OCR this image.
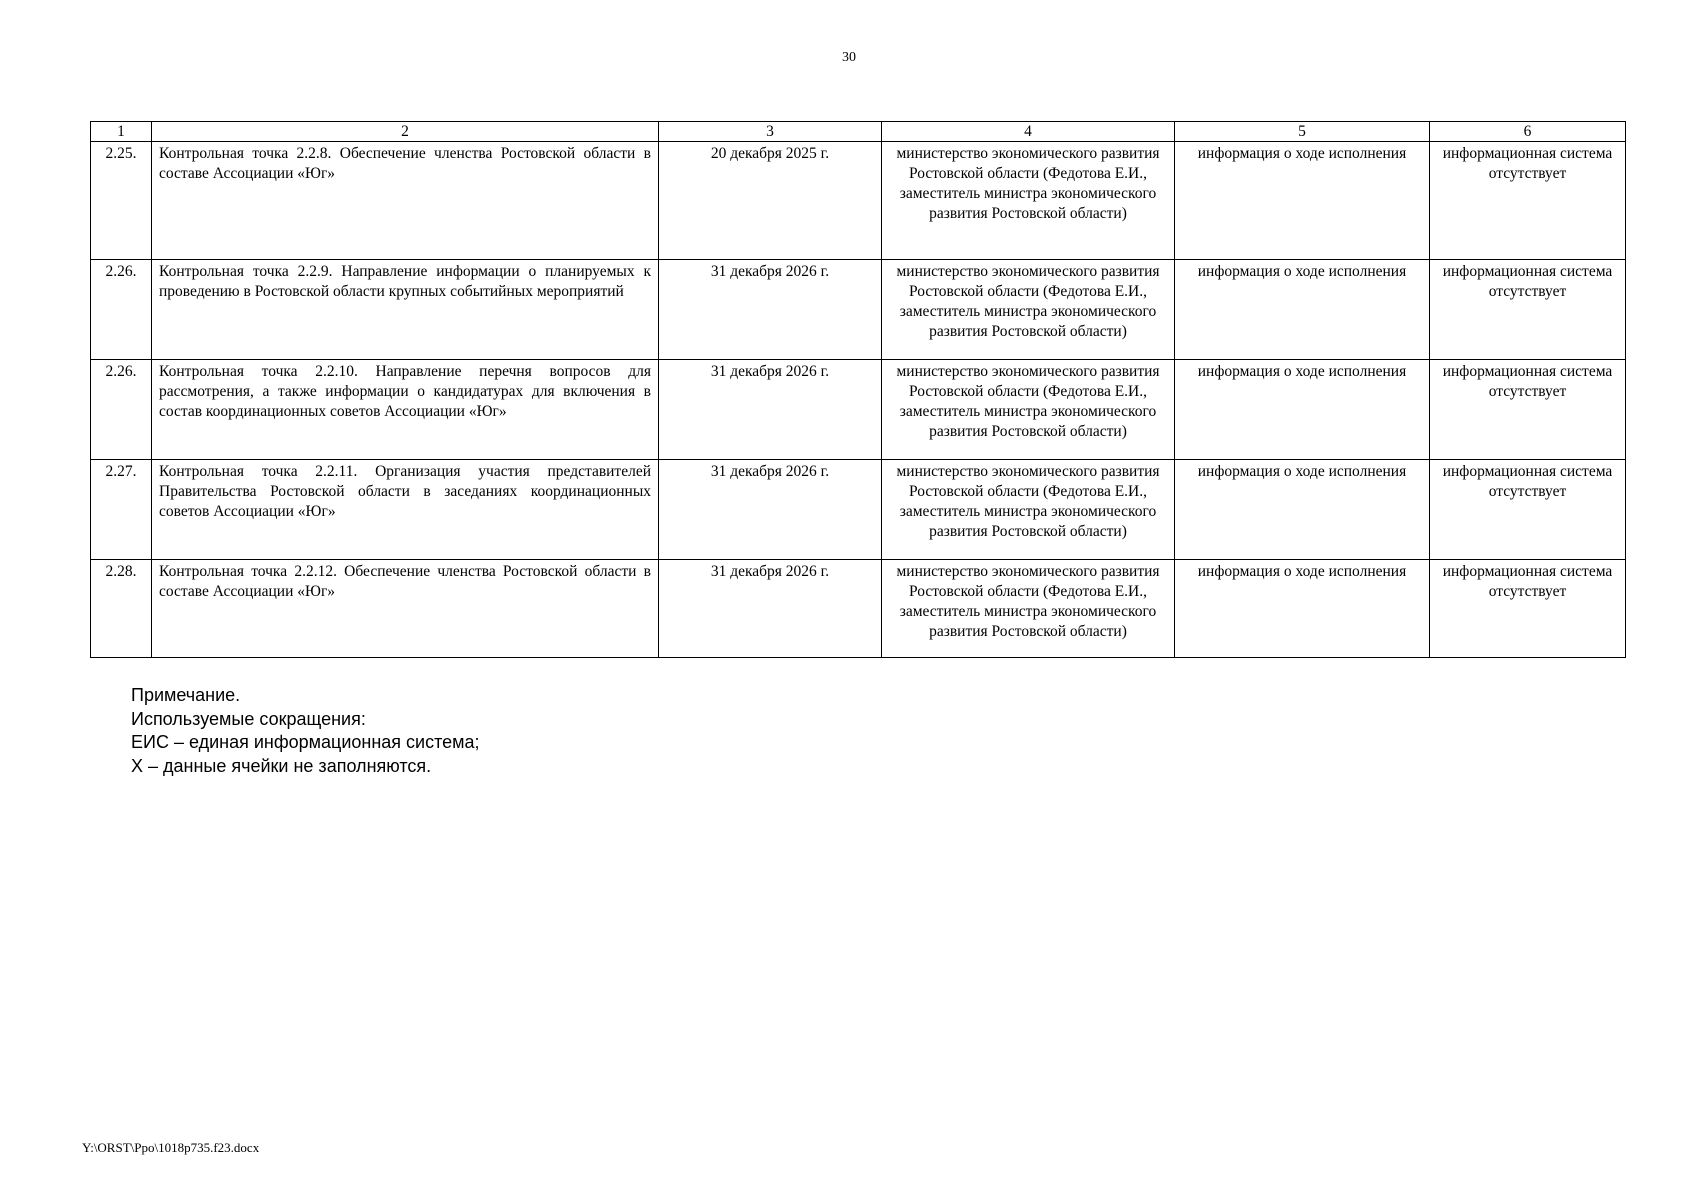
30
1	2	3	4	5	6
2.25.	Контрольная точка 2.2.8. Обеспечение членства Ростовской области в составе Ассоциации «Юг»	20 декабря 2025 г.	министерство экономического развития Ростовской области (Федотова Е.И., заместитель министра экономического развития Ростовской области)	информация о ходе исполнения	информационная система отсутствует
2.26.	Контрольная точка 2.2.9. Направление информации о планируемых к проведению в Ростовской области крупных событийных мероприятий	31 декабря 2026 г.	министерство экономического развития Ростовской области (Федотова Е.И., заместитель министра экономического развития Ростовской области)	информация о ходе исполнения	информационная система отсутствует
2.26.	Контрольная точка 2.2.10. Направление перечня вопросов для рассмотрения, а также информации о кандидатурах для включения в состав координационных советов Ассоциации «Юг»	31 декабря 2026 г.	министерство экономического развития Ростовской области (Федотова Е.И., заместитель министра экономического развития Ростовской области)	информация о ходе исполнения	информационная система отсутствует
2.27.	Контрольная точка 2.2.11. Организация участия представителей Правительства Ростовской области в заседаниях координационных советов Ассоциации «Юг»	31 декабря 2026 г.	министерство экономического развития Ростовской области (Федотова Е.И., заместитель министра экономического развития Ростовской области)	информация о ходе исполнения	информационная система отсутствует
2.28.	Контрольная точка 2.2.12. Обеспечение членства Ростовской области в составе Ассоциации «Юг»	31 декабря 2026 г.	министерство экономического развития Ростовской области (Федотова Е.И., заместитель министра экономического развития Ростовской области)	информация о ходе исполнения	информационная система отсутствует
Примечание.
Используемые сокращения:
ЕИС – единая информационная система;
Х – данные ячейки не заполняются.
Y:\ORST\Ppo\1018p735.f23.docx
